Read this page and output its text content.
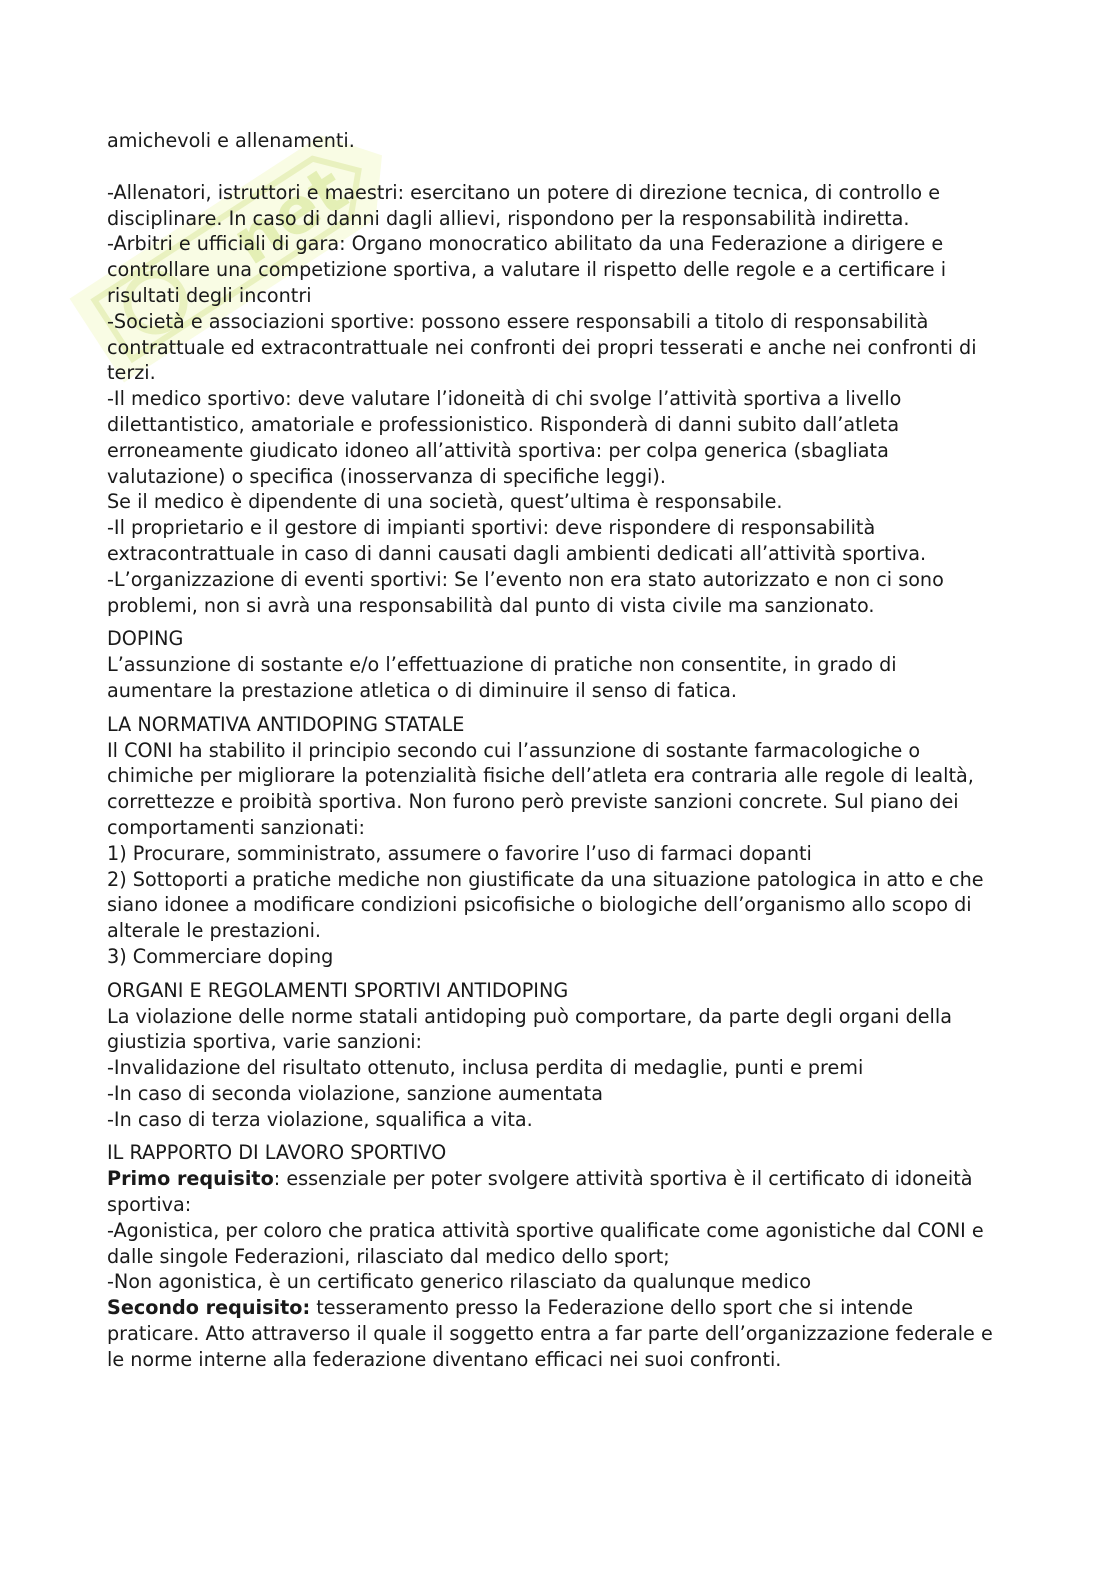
net

amichevoli e allenamenti.

-Allenatori, istruttori e maestri: esercitano un potere di direzione tecnica, di controllo e disciplinare. In caso di danni dagli allievi, rispondono per la responsabilità indiretta.

-Arbitri e ufficiali di gara: Organo monocratico abilitato da una Federazione a dirigere e controllare una competizione sportiva, a valutare il rispetto delle regole e a certificare i risultati degli incontri

-Società e associazioni sportive: possono essere responsabili a titolo di responsabilità contrattuale ed extracontrattuale nei confronti dei propri tesserati e anche nei confronti di terzi.

-Il medico sportivo: deve valutare l’idoneità di chi svolge l’attività sportiva a livello dilettantistico, amatoriale e professionistico. Risponderà di danni subito dall’atleta erroneamente giudicato idoneo all’attività sportiva: per colpa generica (sbagliata valutazione) o specifica (inosservanza di specifiche leggi).

Se il medico è dipendente di una società, quest’ultima è responsabile.

-Il proprietario e il gestore di impianti sportivi: deve rispondere di responsabilità extracontrattuale in caso di danni causati dagli ambienti dedicati all’attività sportiva.

-L’organizzazione di eventi sportivi: Se l’evento non era stato autorizzato e non ci sono problemi, non si avrà una responsabilità dal punto di vista civile ma sanzionato.

DOPING

L’assunzione di sostante e/o l’effettuazione di pratiche non consentite, in grado di aumentare la prestazione atletica o di diminuire il senso di fatica.

LA NORMATIVA ANTIDOPING STATALE

Il CONI ha stabilito il principio secondo cui l’assunzione di sostante farmacologiche o chimiche per migliorare la potenzialità fisiche dell’atleta era contraria alle regole di lealtà, correttezze e proibità sportiva. Non furono però previste sanzioni concrete. Sul piano dei comportamenti sanzionati:

1) Procurare, somministrato, assumere o favorire l’uso di farmaci dopanti

2) Sottoporti a pratiche mediche non giustificate da una situazione patologica in atto e che siano idonee a modificare condizioni psicofisiche o biologiche dell’organismo allo scopo di alterale le prestazioni.

3) Commerciare doping

ORGANI E REGOLAMENTI SPORTIVI ANTIDOPING

La violazione delle norme statali antidoping può comportare, da parte degli organi della giustizia sportiva, varie sanzioni:

-Invalidazione del risultato ottenuto, inclusa perdita di medaglie, punti e premi

-In caso di seconda violazione, sanzione aumentata

-In caso di terza violazione, squalifica a vita.

IL RAPPORTO DI LAVORO SPORTIVO

Primo requisito: essenziale per poter svolgere attività sportiva è il certificato di idoneità sportiva:

-Agonistica, per coloro che pratica attività sportive qualificate come agonistiche dal CONI e dalle singole Federazioni, rilasciato dal medico dello sport;

-Non agonistica, è un certificato generico rilasciato da qualunque medico

Secondo requisito: tesseramento presso la Federazione dello sport che si intende praticare. Atto attraverso il quale il soggetto entra a far parte dell’organizzazione federale e le norme interne alla federazione diventano efficaci nei suoi confronti.
